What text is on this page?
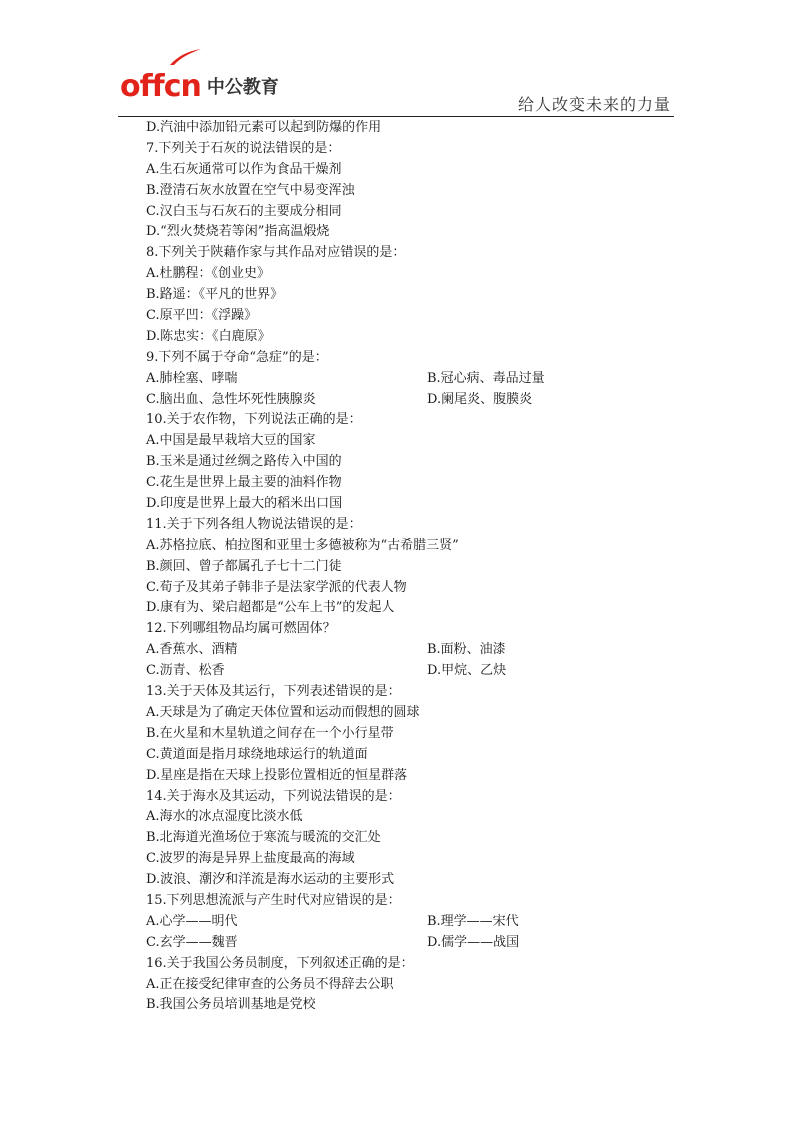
offcn 中公教育
给人改变未来的力量
D.汽油中添加铅元素可以起到防爆的作用
7.下列关于石灰的说法错误的是：
A.生石灰通常可以作为食品干燥剂
B.澄清石灰水放置在空气中易变浑浊
C.汉白玉与石灰石的主要成分相同
D.“烈火焚烧若等闲”指高温煅烧
8.下列关于陕藉作家与其作品对应错误的是：
A.杜鹏程：《创业史》
B.路遥：《平凡的世界》
C.原平凹：《浮躁》
D.陈忠实：《白鹿原》
9.下列不属于夺命“急症”的是：
A.肺栓塞、哮喘	B.冠心病、毒品过量
C.脑出血、急性坏死性胰腺炎	D.阑尾炎、腹膜炎
10.关于农作物，下列说法正确的是：
A.中国是最早栽培大豆的国家
B.玉米是通过丝绸之路传入中国的
C.花生是世界上最主要的油料作物
D.印度是世界上最大的稻米出口国
11.关于下列各组人物说法错误的是：
A.苏格拉底、柏拉图和亚里士多德被称为“古希腊三贤”
B.颜回、曾子都属孔子七十二门徒
C.荀子及其弟子韩非子是法家学派的代表人物
D.康有为、梁启超都是“公车上书”的发起人
12.下列哪组物品均属可燃固体？
A.香蕉水、酒精	B.面粉、油漆
C.沥青、松香	D.甲烷、乙炔
13.关于天体及其运行，下列表述错误的是：
A.天球是为了确定天体位置和运动而假想的圆球
B.在火星和木星轨道之间存在一个小行星带
C.黄道面是指月球绕地球运行的轨道面
D.星座是指在天球上投影位置相近的恒星群落
14.关于海水及其运动，下列说法错误的是：
A.海水的冰点湿度比淡水低
B.北海道光渔场位于寒流与暖流的交汇处
C.波罗的海是异界上盐度最高的海域
D.波浪、潮汐和洋流是海水运动的主要形式
15.下列思想流派与产生时代对应错误的是：
A.心学——明代	B.理学——宋代
C.玄学——魏晋	D.儒学——战国
16.关于我国公务员制度，下列叙述正确的是：
A.正在接受纪律审查的公务员不得辞去公职
B.我国公务员培训基地是党校
